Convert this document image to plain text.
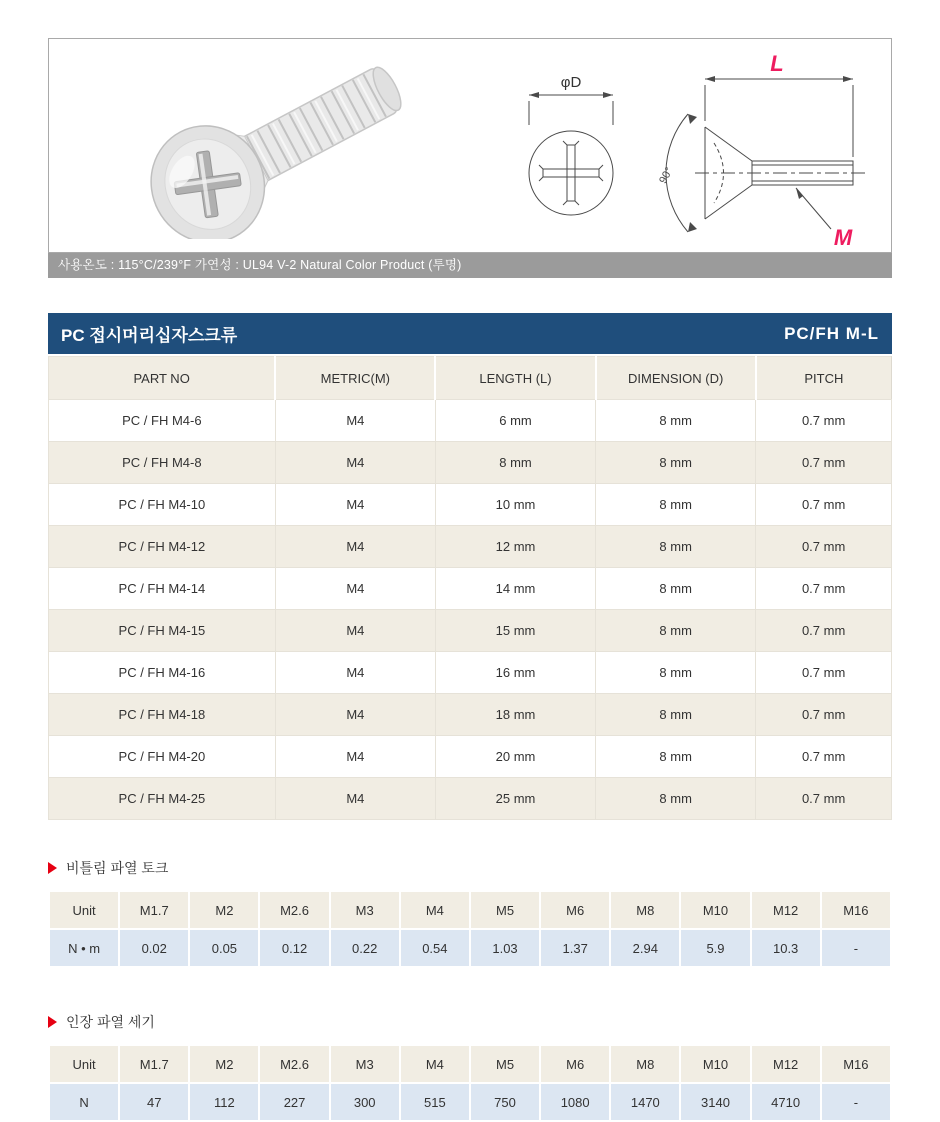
φD
90°
L
M
사용온도 : 115°C/239°F 가연성 : UL94 V-2 Natural Color Product (투명)
PC 접시머리십자스크류	PC/FH M-L
PART NO	METRIC(M)	LENGTH (L)	DIMENSION (D)	PITCH
PC / FH M4-6	M4	6 mm	8 mm	0.7 mm
PC / FH M4-8	M4	8 mm	8 mm	0.7 mm
PC / FH M4-10	M4	10 mm	8 mm	0.7 mm
PC / FH M4-12	M4	12 mm	8 mm	0.7 mm
PC / FH M4-14	M4	14 mm	8 mm	0.7 mm
PC / FH M4-15	M4	15 mm	8 mm	0.7 mm
PC / FH M4-16	M4	16 mm	8 mm	0.7 mm
PC / FH M4-18	M4	18 mm	8 mm	0.7 mm
PC / FH M4-20	M4	20 mm	8 mm	0.7 mm
PC / FH M4-25	M4	25 mm	8 mm	0.7 mm
비틀림 파열 토크
Unit	M1.7	M2	M2.6	M3	M4	M5	M6	M8	M10	M12	M16
N • m	0.02	0.05	0.12	0.22	0.54	1.03	1.37	2.94	5.9	10.3	-
인장 파열 세기
Unit	M1.7	M2	M2.6	M3	M4	M5	M6	M8	M10	M12	M16
N	47	112	227	300	515	750	1080	1470	3140	4710	-
